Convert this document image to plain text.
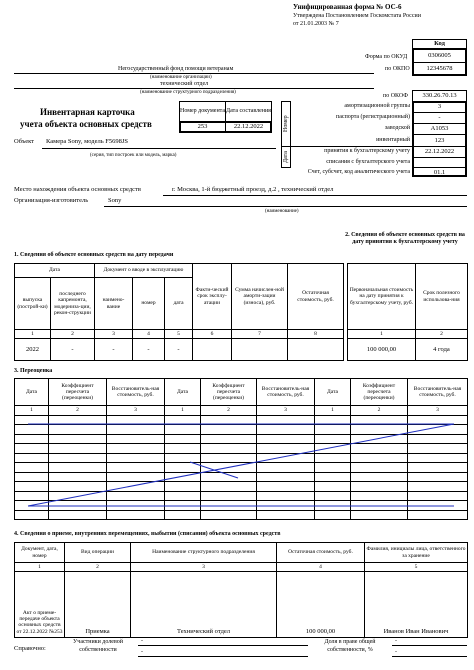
Унифицированная форма № ОС-6
Утверждена Постановлением Госкомстата России
от 21.01.2003 № 7
Код
0306005
12345678
Форма по ОКУД
по ОКПО
Негосударственный фонд помощи ветеранам
(наименование организации)
технический отдел
(наименование структурного подразделения)	330.26.70.13
по ОКОФ
Инвентарная карточка
учета объекта основных средств
Номер документа Дата составления
253	22.12.2022
Объект Камера Sony, модель F5698JS
(серия, тип построек или модель, марка)
Номер
Дата
амортизационной группы	3
паспорта (регистрационный)	-
заводской	А1053
инвентарный	123
принятия к бухгалтерскому учету	22.12.2022
списания с бухгалтерского учета
Счет, субсчет, код аналитического учета	01.1
Место нахождения объекта основных средств	г. Москва, 1-й бюджетный проезд, д.2 , технический отдел
Организация-изготовитель	Sony
(наименование)
1. Сведения об объекте основных средств на дату передачи
2. Сведения об объекте основных средств на дату принятия к бухгалтерскому учету
Дата		Документ о вводе в эксплуатацию			Факти-ческий срок эксплу-атации	Сумма начислен-ной аморти-зации (износа), руб.	Остаточная стоимость, руб.
выпуска (построй-ки)	последнего капремонта, модерниза-ции, рекон-струкции	наимено-вание	номер	дата			
1	2	3	4	5	6	7	8
2022	-	-	-	-			
Первоначальная стоимость на дату принятия к бухгалтерскому учету, руб.	Срок полезного использова-ния
1	2
100 000,00	4 года
3. Переоценка
Дата	Коэффициент пересчета (переоценки)	Восстановитель-ная стоимость, руб.	Дата	Коэффициент пересчета (переоценки)	Восстановитель-ная стоимость, руб.	Дата	Коэффициент пересчета (переоценки)	Восстановитель-ная стоимость, руб.
1	2	3	1	2	3	1	2	3

4. Сведения о приеме, внутренних перемещениях, выбытии (списании) объекта основных средств
Документ, дата, номер	Вид операции	Наименование структурного подразделения	Остаточная стоимость, руб.	Фамилия, инициалы лица, ответственного за хранение
1	2	3	4	5
Акт о приеме-передаче объекта основных средств от 22.12.2022 №253	Приемка	Технический отдел	100 000,00	Иванов Иван Иванович
Справочно:
Участники долевой собственности
-
-
Доля в праве общей собственности, %
-
-
